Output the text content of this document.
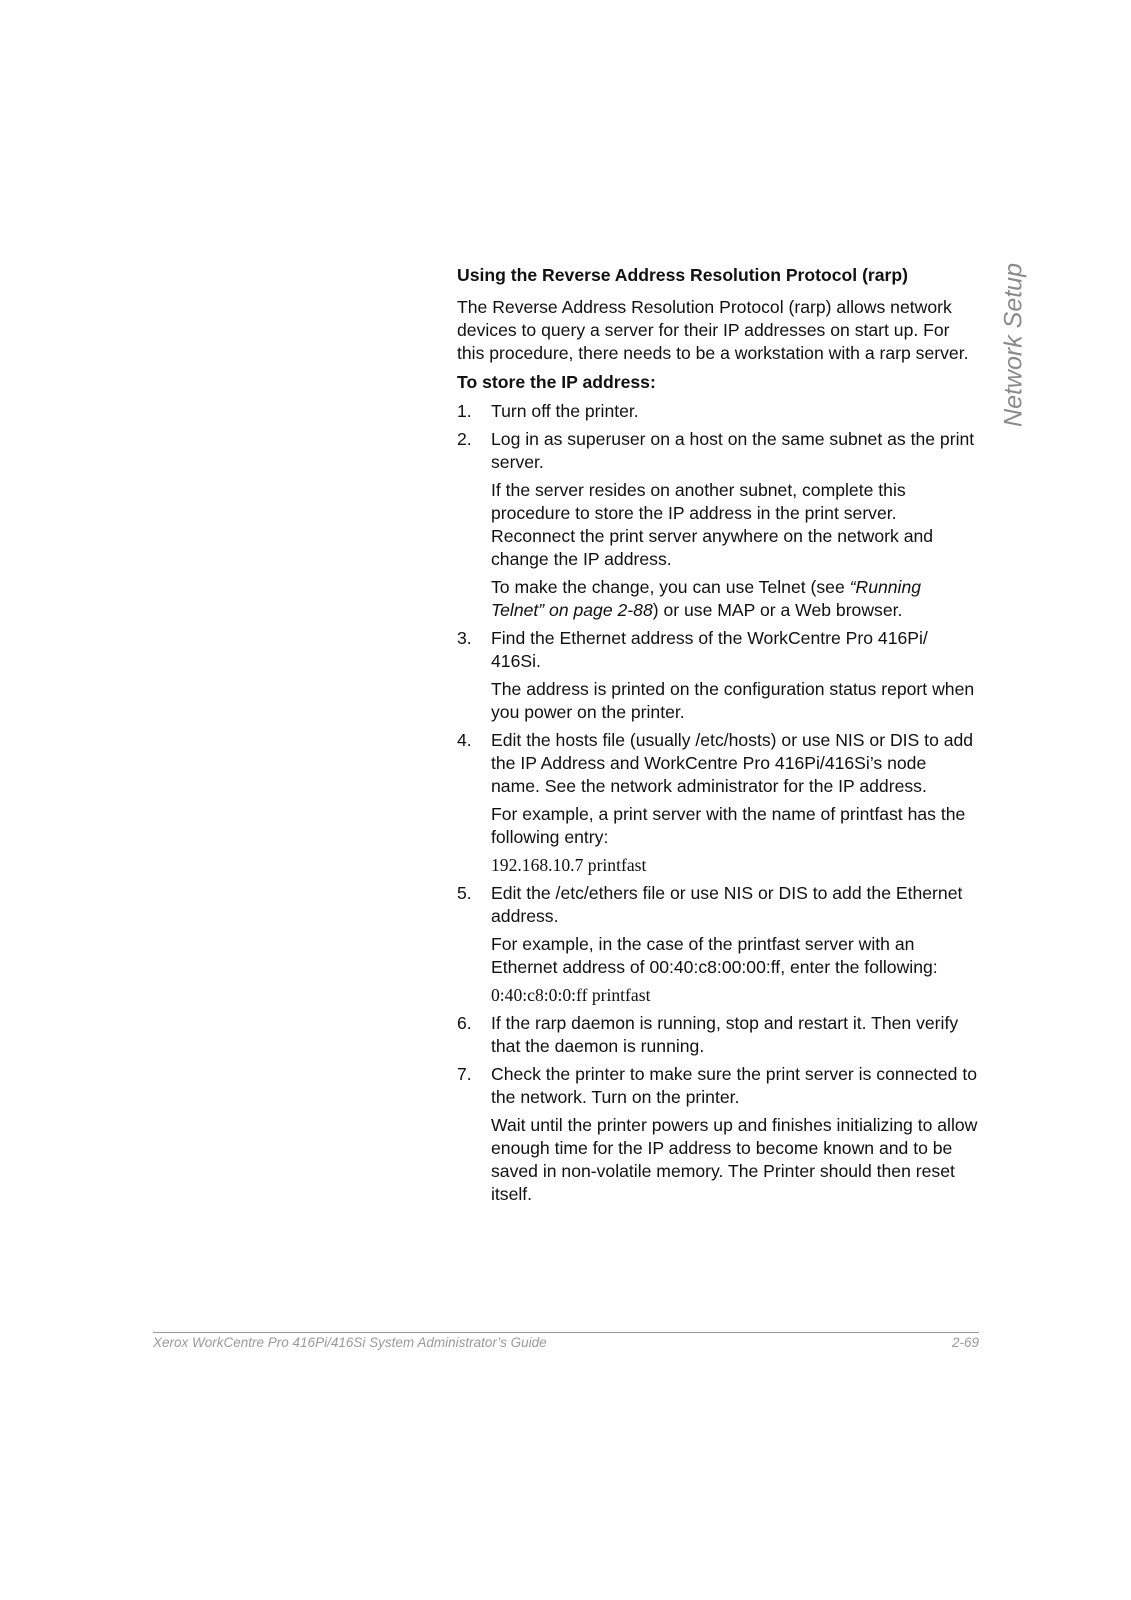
Network Setup
Using the Reverse Address Resolution Protocol (rarp)
The Reverse Address Resolution Protocol (rarp) allows network devices to query a server for their IP addresses on start up. For this procedure, there needs to be a workstation with a rarp server.
To store the IP address:
1. Turn off the printer.
2. Log in as superuser on a host on the same subnet as the print server.
If the server resides on another subnet, complete this procedure to store the IP address in the print server. Reconnect the print server anywhere on the network and change the IP address.
To make the change, you can use Telnet (see “Running Telnet” on page 2-88) or use MAP or a Web browser.
3. Find the Ethernet address of the WorkCentre Pro 416Pi/ 416Si.
The address is printed on the configuration status report when you power on the printer.
4. Edit the hosts file (usually /etc/hosts) or use NIS or DIS to add the IP Address and WorkCentre Pro 416Pi/416Si’s node name. See the network administrator for the IP address.
For example, a print server with the name of printfast has the following entry:
192.168.10.7 printfast
5. Edit the /etc/ethers file or use NIS or DIS to add the Ethernet address.
For example, in the case of the printfast server with an Ethernet address of 00:40:c8:00:00:ff, enter the following:
0:40:c8:0:0:ff printfast
6. If the rarp daemon is running, stop and restart it. Then verify that the daemon is running.
7. Check the printer to make sure the print server is connected to the network. Turn on the printer.
Wait until the printer powers up and finishes initializing to allow enough time for the IP address to become known and to be saved in non-volatile memory. The Printer should then reset itself.
Xerox WorkCentre Pro 416Pi/416Si System Administrator’s Guide	2-69
